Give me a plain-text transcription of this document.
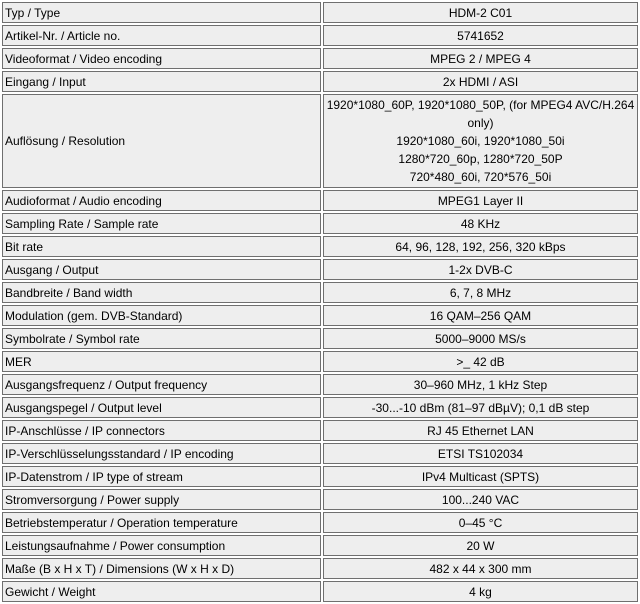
Typ / Type	HDM-2 C01
Artikel-Nr. / Article no.	5741652
Videoformat / Video encoding	MPEG 2 / MPEG 4
Eingang / Input	2x HDMI / ASI
Auflösung / Resolution	1920*1080_60P, 1920*1080_50P, (for MPEG4 AVC/H.264
only)
1920*1080_60i, 1920*1080_50i
1280*720_60p, 1280*720_50P
720*480_60i, 720*576_50i

Audioformat / Audio encoding	MPEG1 Layer II
Sampling Rate / Sample rate	48 KHz
Bit rate	64, 96, 128, 192, 256, 320 kBps
Ausgang / Output	1-2x DVB-C
Bandbreite / Band width	6, 7, 8 MHz
Modulation (gem. DVB-Standard)	16 QAM–256 QAM
Symbolrate / Symbol rate	5000–9000 MS/s
MER	>_ 42 dB
Ausgangsfrequenz / Output frequency	30–960 MHz, 1 kHz Step
Ausgangspegel / Output level	-30...-10 dBm (81–97 dBµV); 0,1 dB step
IP-Anschlüsse / IP connectors	RJ 45 Ethernet LAN
IP-Verschlüsselungsstandard / IP encoding	ETSI TS102034
IP-Datenstrom / IP type of stream	IPv4 Multicast (SPTS)
Stromversorgung / Power supply	100...240 VAC
Betriebstemperatur / Operation temperature	0–45 °C
Leistungsaufnahme / Power consumption	20 W
Maße (B x H x T) / Dimensions (W x H x D)	482 x 44 x 300 mm
Gewicht / Weight	4 kg
